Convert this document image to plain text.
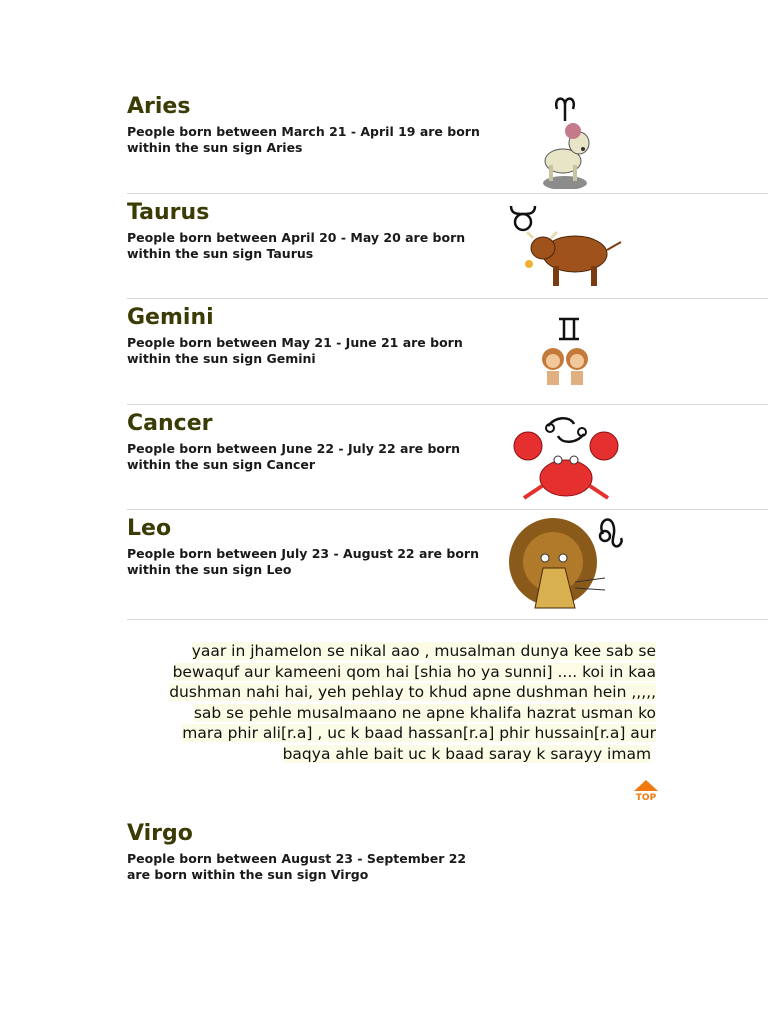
Aries

People born between March 21 - April 19 are born within the sun sign Aries

Taurus

People born between April 20 - May 20 are born within the sun sign Taurus

Gemini

People born between May 21 - June 21 are born within the sun sign Gemini

Cancer

People born between June 22 - July 22 are born within the sun sign Cancer

Leo

People born between July 23 - August 22 are born within the sun sign Leo

yaar in jhamelon se nikal aao , musalman dunya kee sab se
bewaquf aur kameeni qom hai [shia ho ya sunni] .... koi in kaa
dushman nahi hai, yeh pehlay to khud apne dushman hein ,,,,,
sab se pehle musalmaano ne apne khalifa hazrat usman ko
mara phir ali[r.a] , uc k baad hassan[r.a] phir hussain[r.a] aur
baqya ahle bait uc k baad saray k sarayy imam
TOP
Virgo

People born between August 23 - September 22 are born within the sun sign Virgo
